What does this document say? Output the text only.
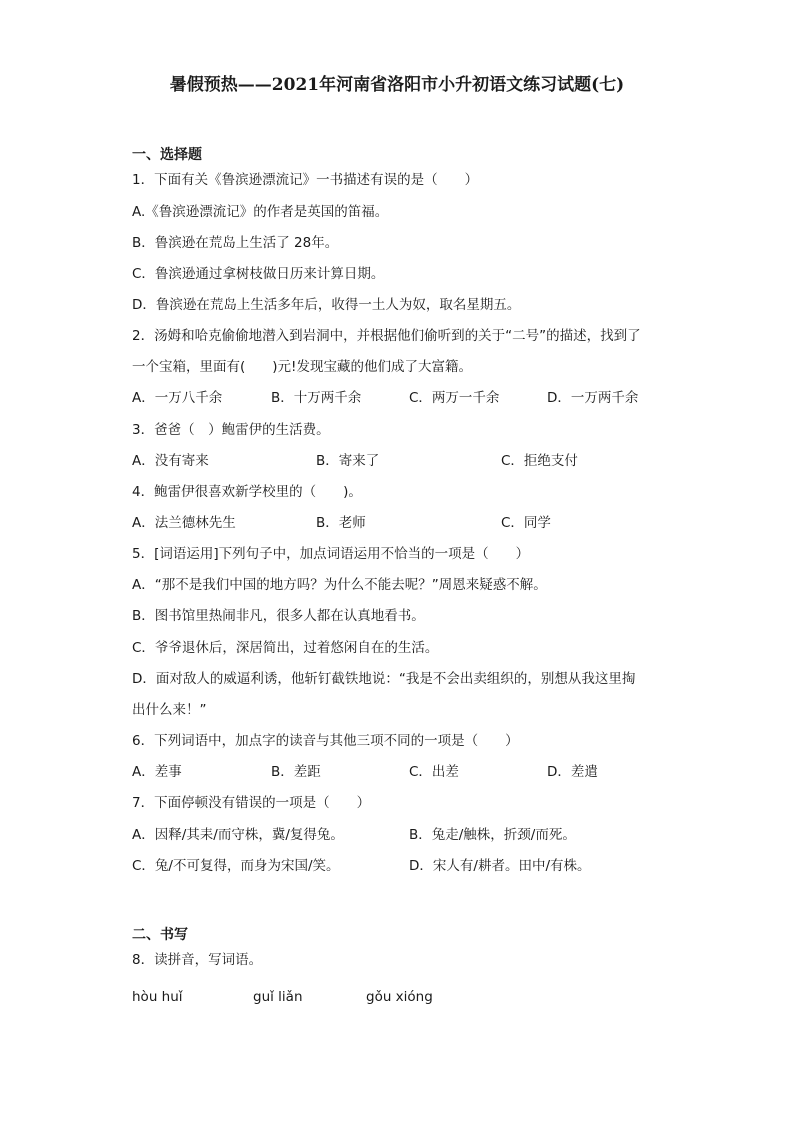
暑假预热——2021年河南省洛阳市小升初语文练习试题(七)
一、选择题
1．下面有关《鲁滨逊漂流记》一书描述有误的是（　　）
A.《鲁滨逊漂流记》的作者是英国的笛福。
B．鲁滨逊在荒岛上生活了 28年。
C．鲁滨逊通过拿树枝做日历来计算日期。
D．鲁滨逊在荒岛上生活多年后，收得一土人为奴，取名星期五。
2．汤姆和哈克偷偷地潜入到岩洞中，并根据他们偷听到的关于“二号”的描述，找到了
一个宝箱，里面有(　　)元!发现宝藏的他们成了大富籍。
A．一万八千余	B．十万两千余	C．两万一千余	D．一万两千余
3．爸爸（　）鲍雷伊的生活费。
A．没有寄来	B．寄来了	C．拒绝支付
4．鲍雷伊很喜欢新学校里的（　　)。
A．法兰德林先生	B．老师	C．同学
5．[词语运用]下列句子中，加点词语运用不恰当的一项是（　　）
A．“那不是我们中国的地方吗？为什么不能去呢？”周恩来疑惑不解。
B．图书馆里热闹非凡，很多人都在认真地看书。
C．爷爷退休后，深居简出，过着悠闲自在的生活。
D．面对敌人的威逼利诱，他斩钉截铁地说：“我是不会出卖组织的，别想从我这里掏
出什么来！”
6．下列词语中，加点字的读音与其他三项不同的一项是（　　）
A．差事	B．差距	C．出差	D．差遣
7．下面停顿没有错误的一项是（　　）
A．因释/其耒/而守株，冀/复得兔。	B．兔走/触株，折颈/而死。
C．兔/不可复得，而身为宋国/笑。	D．宋人有/耕者。田中/有株。
二、书写
8．读拼音，写词语。
hòu huǐ	guǐ liǎn	gǒu xióng
